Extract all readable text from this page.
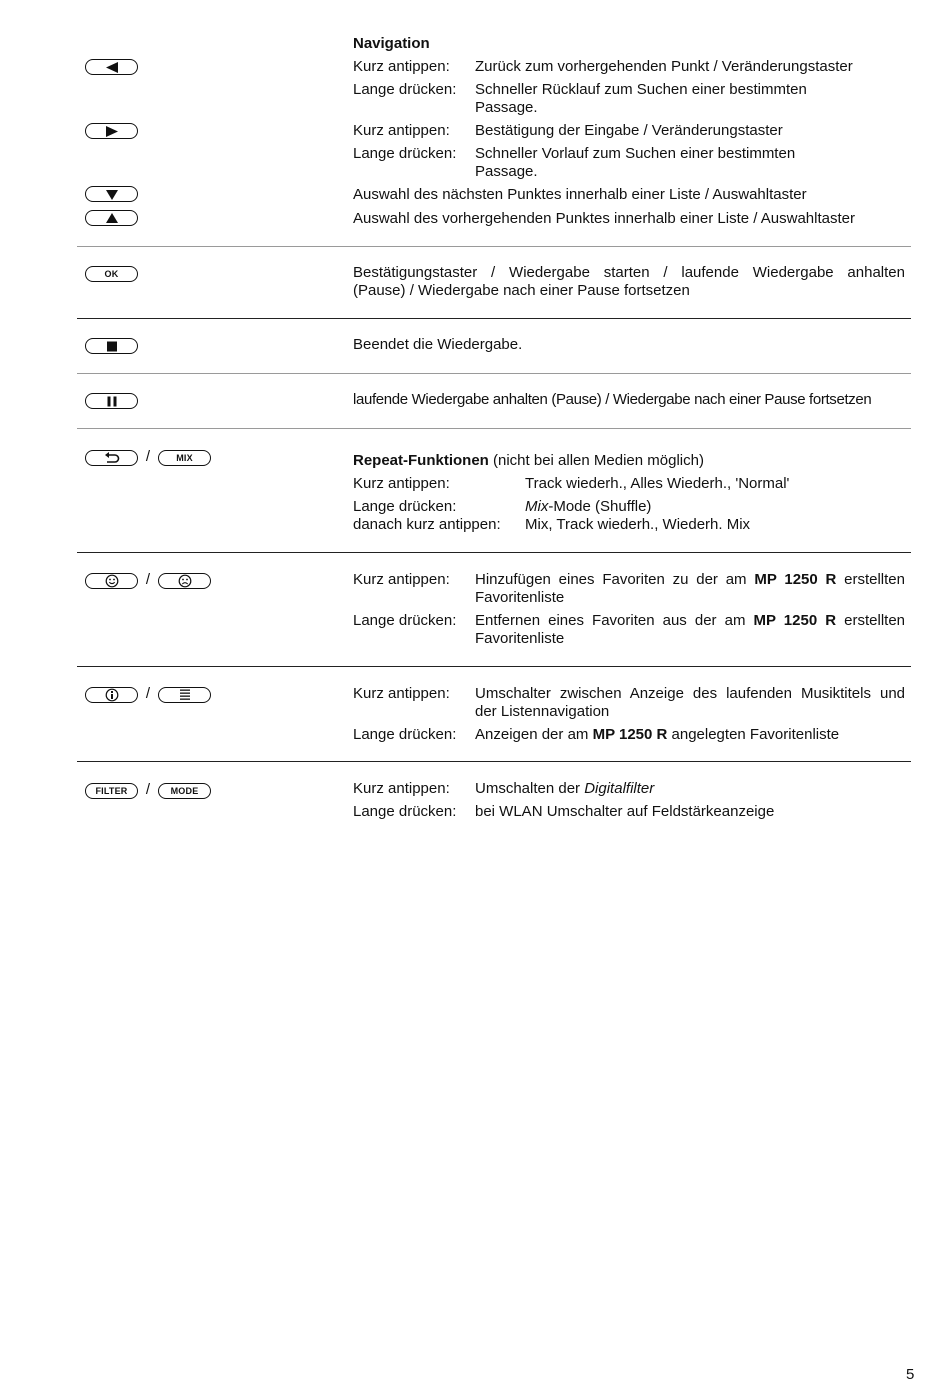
Navigation
Kurz antippen: Zurück zum vorhergehenden Punkt / Veränderungstaster
Lange drücken: Schneller Rücklauf zum Suchen einer bestimmten
Passage.
Kurz antippen: Bestätigung der Eingabe / Veränderungstaster
Lange drücken: Schneller Vorlauf zum Suchen einer bestimmten
Passage.
Auswahl des nächsten Punktes innerhalb einer Liste / Auswahltaster
Auswahl des vorhergehenden Punktes innerhalb einer Liste / Auswahltaster
OK	Bestätigungstaster / Wiedergabe starten / laufende Wiedergabe anhalten
(Pause) / Wiedergabe nach einer Pause fortsetzen
Beendet die Wiedergabe.
laufende Wiedergabe anhalten (Pause) / Wiedergabe nach einer Pause fortsetzen
/	MIX	Repeat-Funktionen (nicht bei allen Medien möglich)
Kurz antippen:	Track wiederh., Alles Wiederh., 'Normal'
Lange drücken:	Mix-Mode (Shuffle)
danach kurz antippen: Mix, Track wiederh., Wiederh. Mix
/	Kurz antippen: Hinzufügen eines Favoriten zu der am MP 1250 R erstellten
Favoritenliste
Lange drücken: Entfernen eines Favoriten aus der am MP 1250 R erstellten
Favoritenliste
/	Kurz antippen: Umschalter zwischen Anzeige des laufenden Musiktitels und
der Listennavigation
Lange drücken: Anzeigen der am MP 1250 R angelegten Favoritenliste
FILTER	/	MODE	Kurz antippen: Umschalten der Digitalfilter
Lange drücken: bei WLAN Umschalter auf Feldstärkeanzeige
5
